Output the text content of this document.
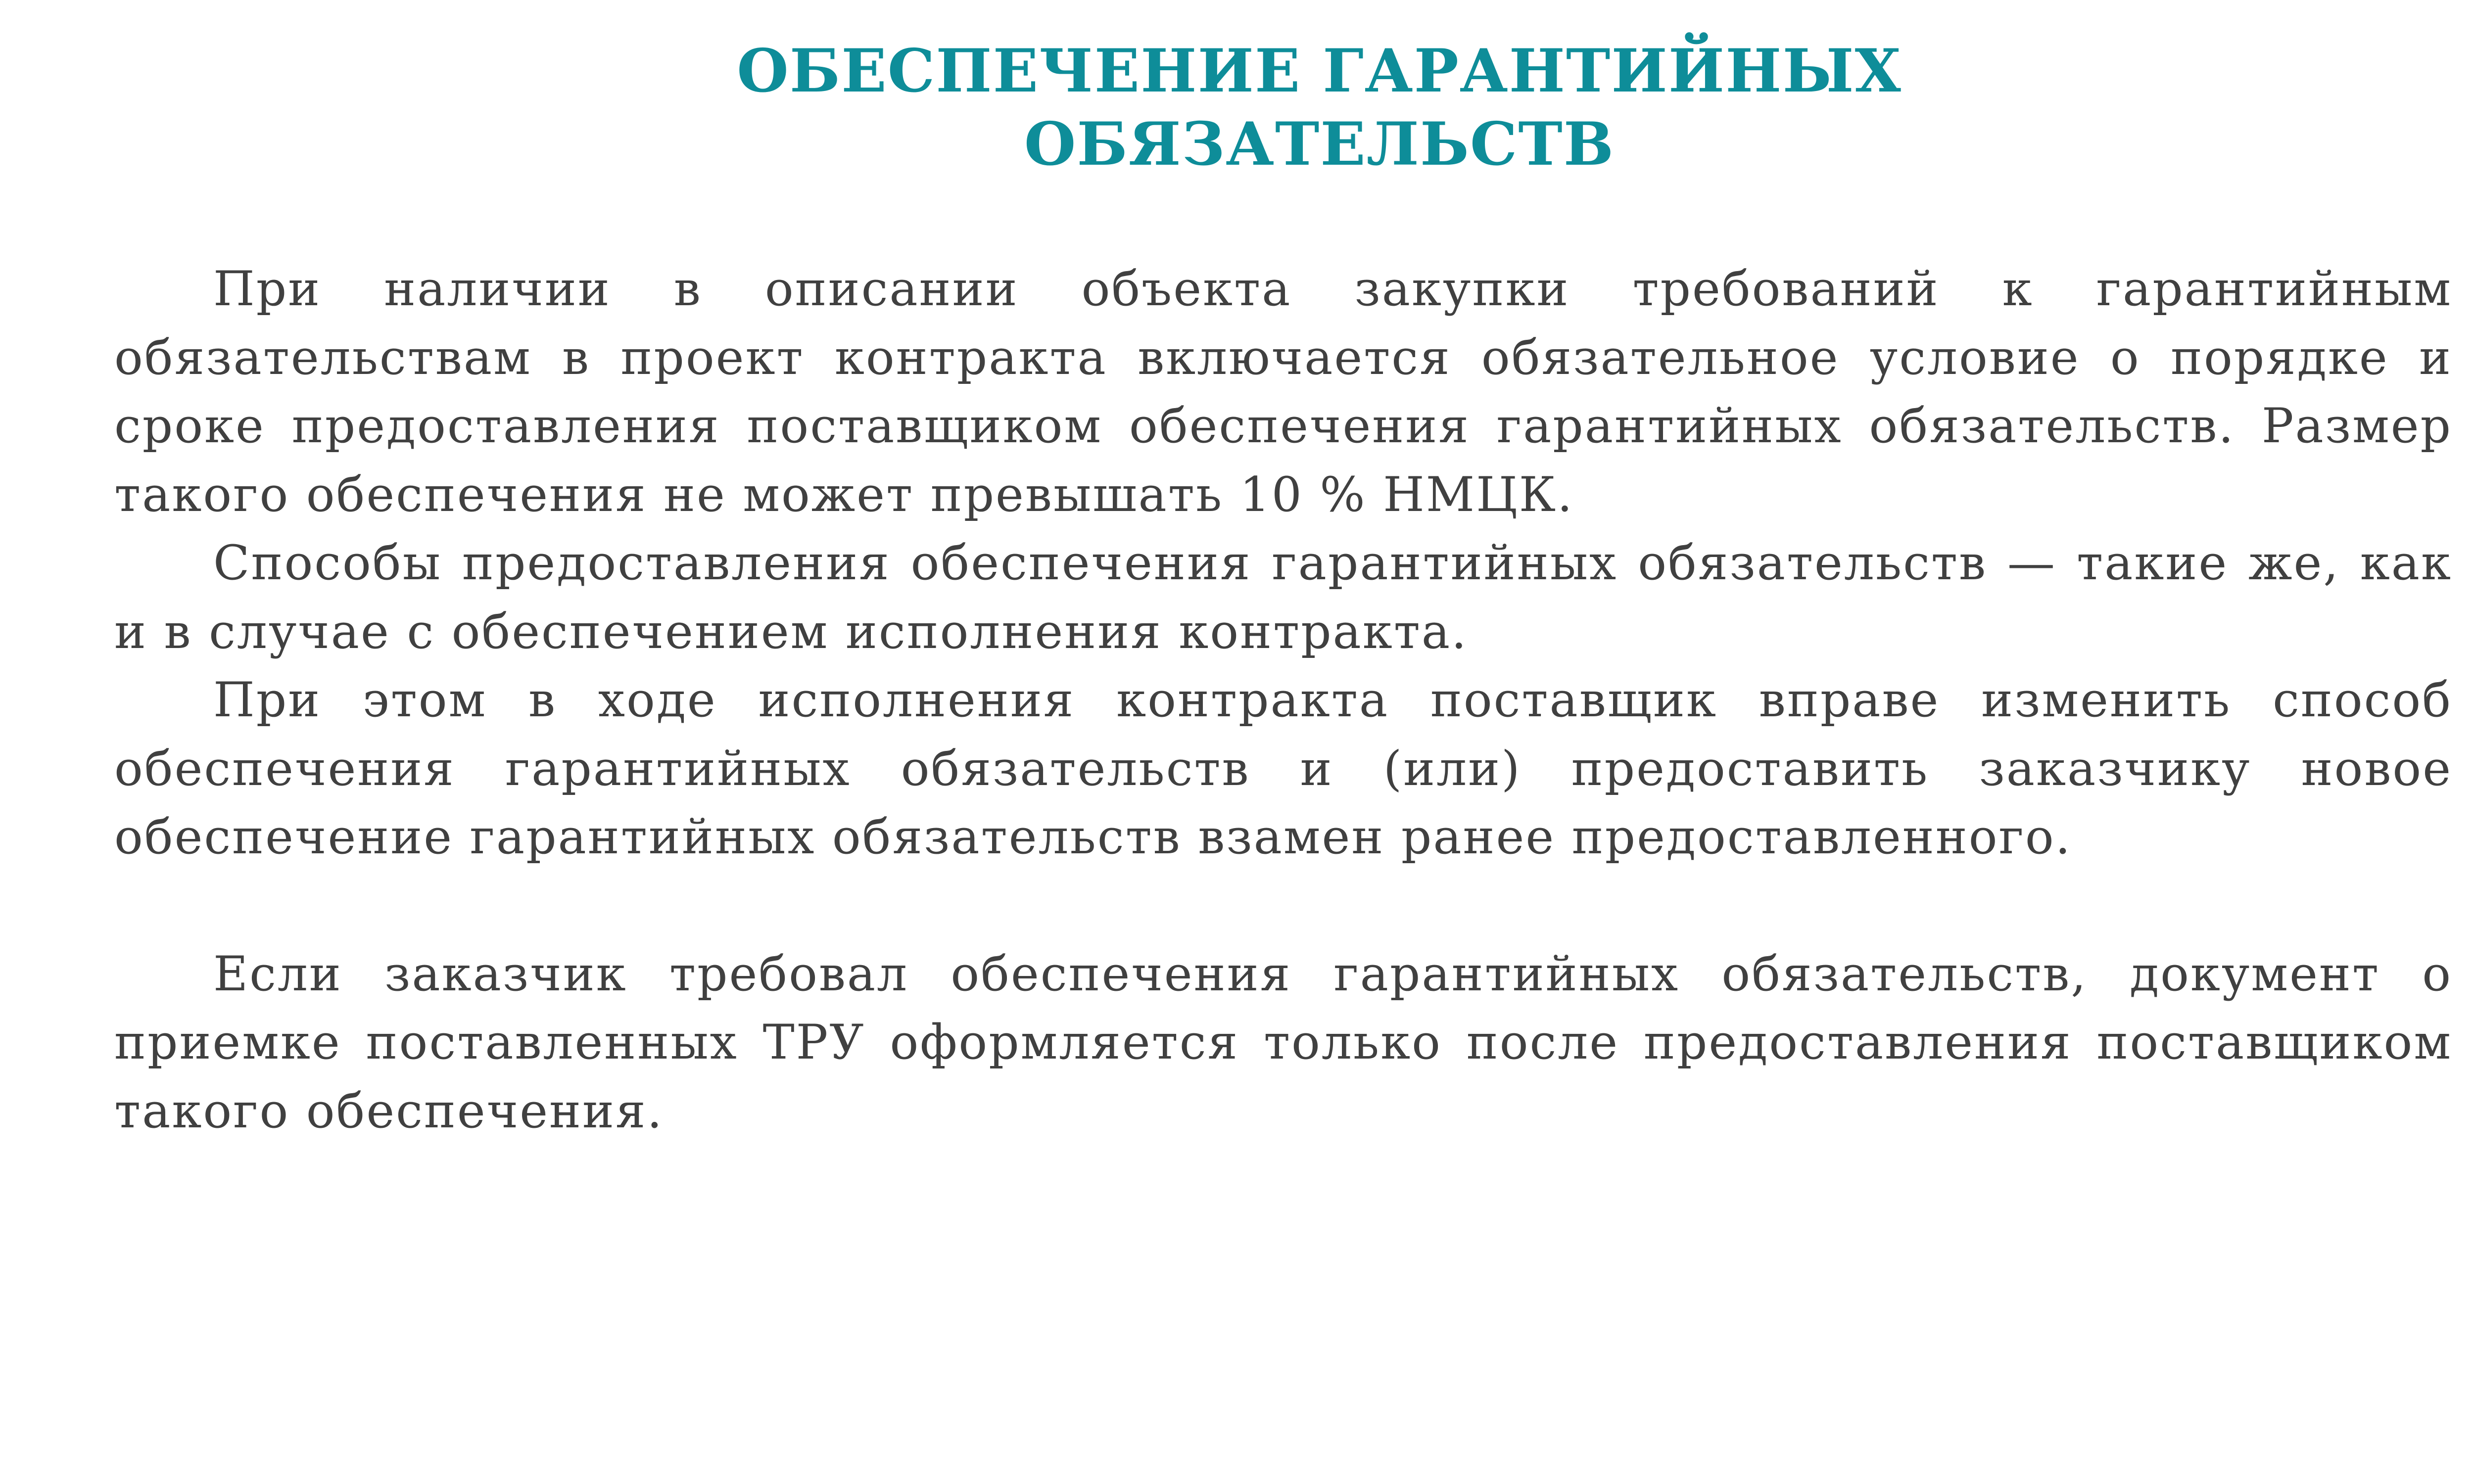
ОБЕСПЕЧЕНИЕ ГАРАНТИЙНЫХ
ОБЯЗАТЕЛЬСТВ

При наличии в описании объекта закупки требований к гарантийным обязательствам в проект контракта включается обязательное условие о порядке и сроке предоставления поставщиком обеспечения гарантийных обязательств. Размер такого обеспечения не может превышать 10 % НМЦК.

Способы предоставления обеспечения гарантийных обязательств — такие же, как и в случае с обеспечением исполнения контракта.

При этом в ходе исполнения контракта поставщик вправе изменить способ обеспечения гарантийных обязательств и (или) предоставить заказчику новое обеспечение гарантийных обязательств взамен ранее предоставленного.

Если заказчик требовал обеспечения гарантийных обязательств, документ о приемке поставленных ТРУ оформляется только после предоставления поставщиком такого обеспечения.
